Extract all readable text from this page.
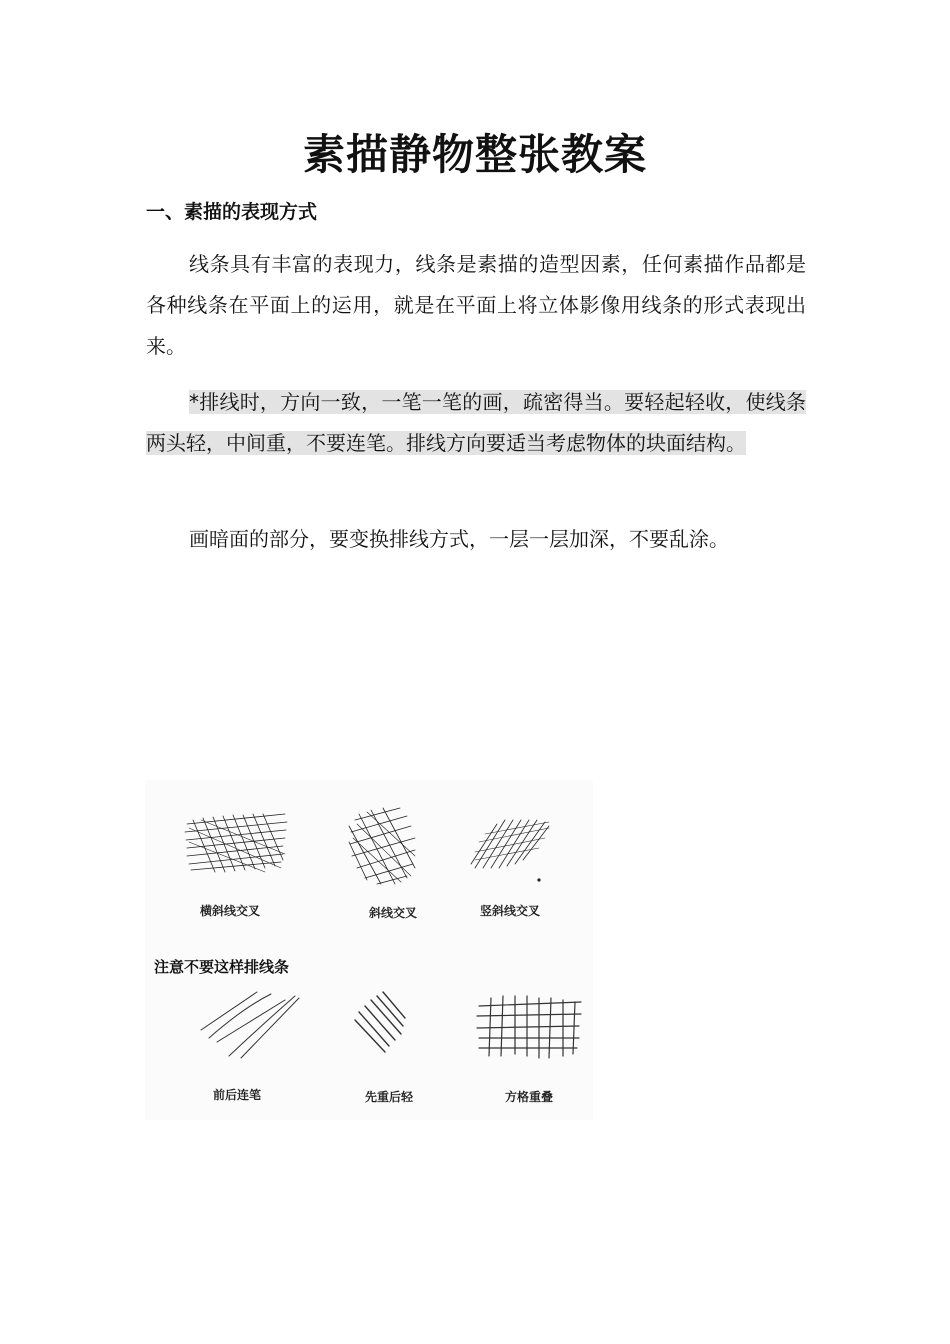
素描静物整张教案
一、素描的表现方式

线条具有丰富的表现力，线条是素描的造型因素，任何素描作品都是各种线条在平面上的运用，就是在平面上将立体影像用线条的形式表现出来。

*排线时，方向一致，一笔一笔的画，疏密得当。要轻起轻收，使线条两头轻，中间重，不要连笔。排线方向要适当考虑物体的块面结构。

画暗面的部分，要变换排线方式，一层一层加深，不要乱涂。

横斜线交叉	斜线交叉	竖斜线交叉
注意不要这样排线条
前后连笔	先重后轻	方格重叠
